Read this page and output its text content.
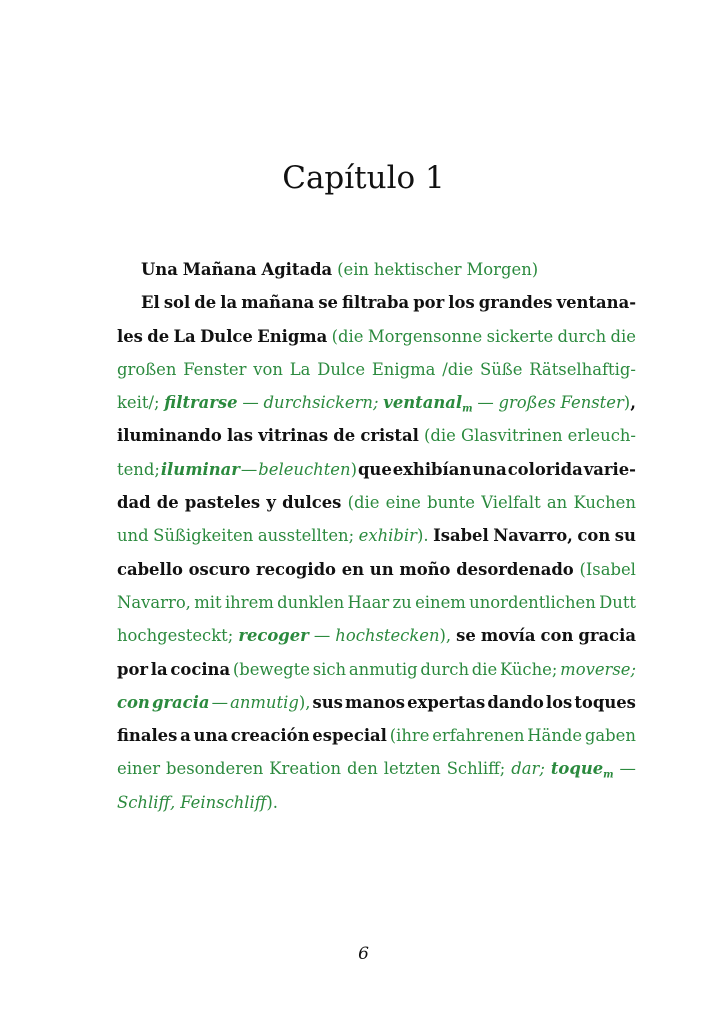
Capítulo 1
Una Mañana Agitada (ein hektischer Morgen)
El sol de la mañana se filtraba por los grandes ventana-
les de La Dulce Enigma (die Morgensonne sickerte durch die
großen Fenster von La Dulce Enigma /die Süße Rätselhaftig-
keit/; filtrarse — durchsickern; ventanal$_m$ — großes Fenster),
iluminando las vitrinas de cristal (die Glasvitrinen erleuch-
tend; iluminar — beleuchten) que exhibían una colorida varie-
dad de pasteles y dulces (die eine bunte Vielfalt an Kuchen
und Süßigkeiten ausstellten; exhibir). Isabel Navarro, con su
cabello oscuro recogido en un moño desordenado (Isabel
Navarro, mit ihrem dunklen Haar zu einem unordentlichen Dutt
hochgesteckt; recoger — hochstecken), se movía con gracia
por la cocina (bewegte sich anmutig durch die Küche; moverse;
con gracia — anmutig), sus manos expertas dando los toques
finales a una creación especial (ihre erfahrenen Hände gaben
einer besonderen Kreation den letzten Schliff; dar; toque$_m$ —
Schliff, Feinschliff).
6
